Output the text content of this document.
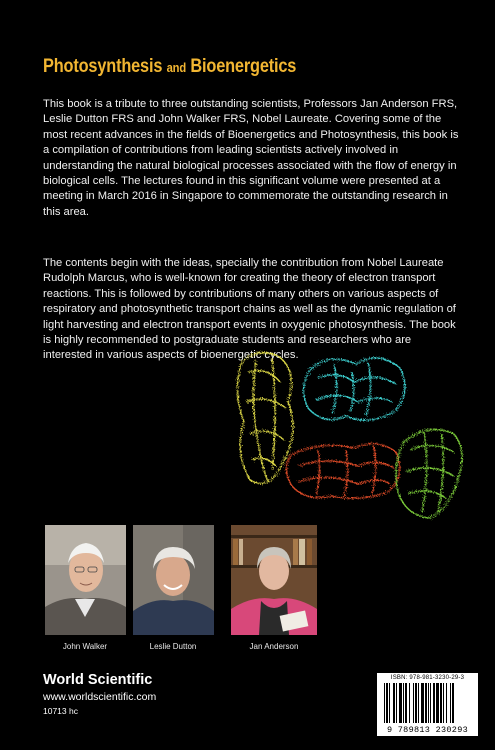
Photosynthesis and Bioenergetics

This book is a tribute to three outstanding scientists, Professors Jan Anderson FRS, Leslie Dutton FRS and John Walker FRS, Nobel Laureate. Covering some of the most recent advances in the fields of Bioenergetics and Photosynthesis, this book is a compilation of contributions from leading scientists actively involved in understanding the natural biological processes associated with the flow of energy in biological cells. The lectures found in this significant volume were presented at a meeting in March 2016 in Singapore to commemorate the outstanding research in this area.

The contents begin with the ideas, specially the contribution from Nobel Laureate Rudolph Marcus, who is well-known for creating the theory of electron transport reactions. This is followed by contributions of many others on various aspects of respiratory and photosynthetic transport chains as well as the dynamic regulation of light harvesting and electron transport events in oxygenic photosynthesis. The book is highly recommended to postgraduate students and researchers who are interested in various aspects of bioenergetic cycles.

John Walker	Leslie Dutton	Jan Anderson

World Scientific

www.worldscientific.com

10713 hc

ISBN: 978-981-3230-29-3
9 789813 230293
